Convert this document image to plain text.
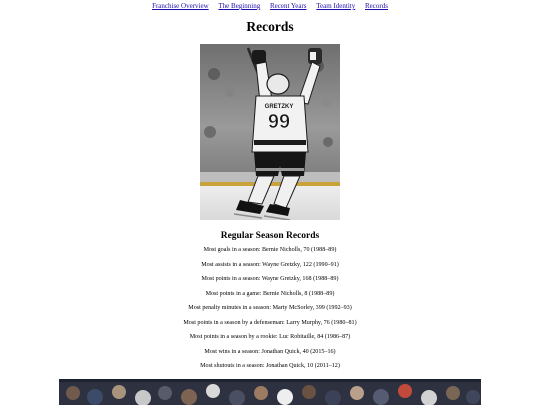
Franchise Overview The Beginning Recent Years Team Identity Records
Records
GRETZKY
99
Regular Season Records
Most goals in a season: Bernie Nicholls, 70 (1988–89)
Most assists in a season: Wayne Gretzky, 122 (1990–91)
Most points in a season: Wayne Gretzky, 168 (1988–89)
Most points in a game: Bernie Nicholls, 8 (1988–89)
Most penalty minutes in a season: Marty McSorley, 399 (1992–93)
Most points in a season by a defenseman: Larry Murphy, 76 (1980–81)
Most points in a season by a rookie: Luc Robitaille, 84 (1986–87)
Most wins in a season: Jonathan Quick, 40 (2015–16)
Most shutouts in a season: Jonathan Quick, 10 (2011–12)
